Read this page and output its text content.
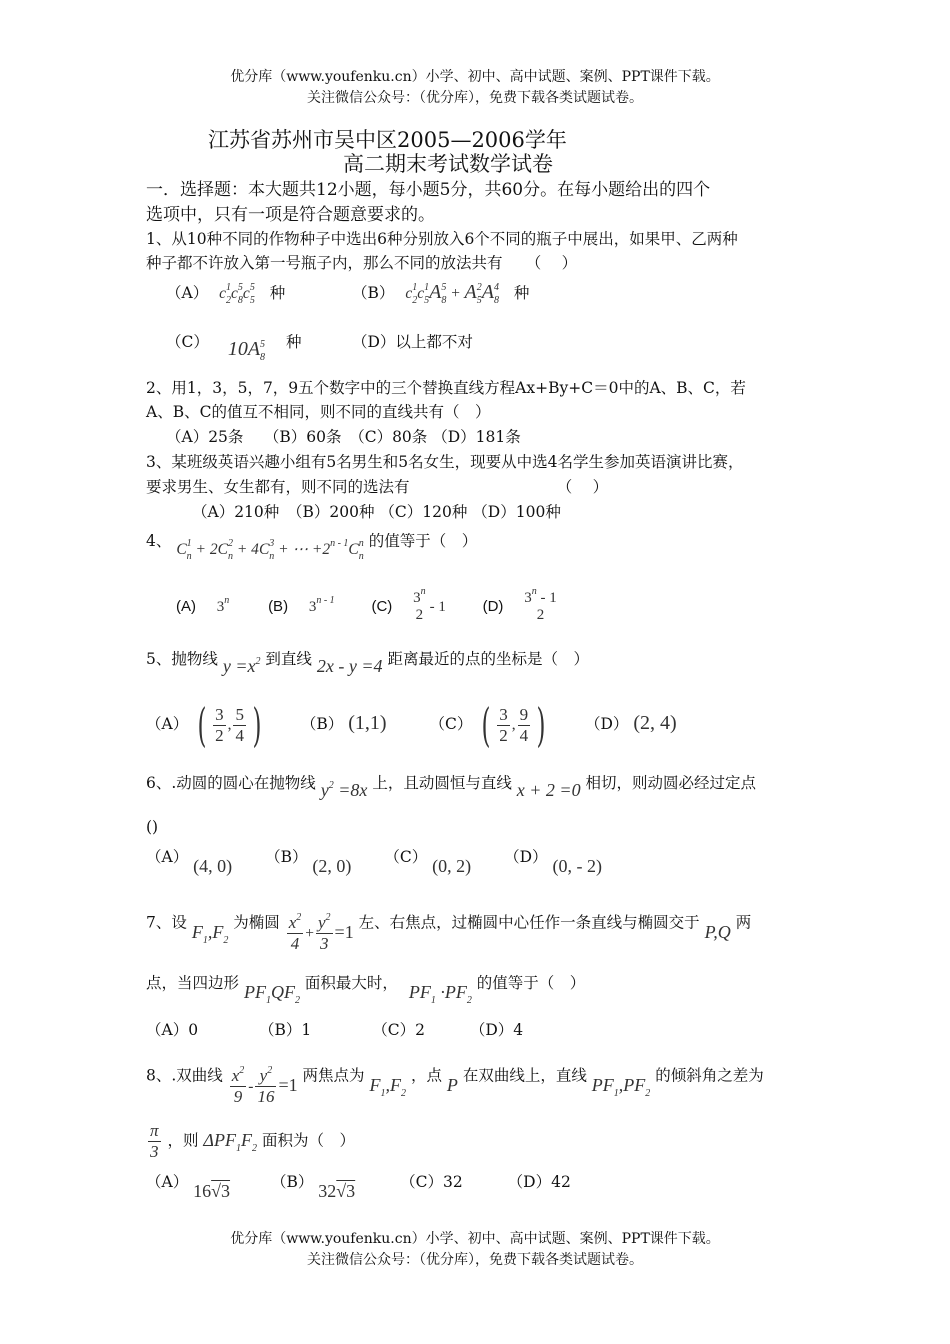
优分库（www.youfenku.cn）小学、初中、高中试题、案例、PPT课件下载。
关注微信公众号：（优分库），免费下载各类试题试卷。
江苏省苏州市吴中区2005—2006学年
高二期末考试数学试卷
一．选择题：本大题共12小题，每小题5分，共60分。在每小题给出的四个
选项中，只有一项是符合题意要求的。
1、从10种不同的作物种子中选出6种分别放入6个不同的瓶子中展出，如果甲、乙两种
种子都不许放入第一号瓶子内，那么不同的放法共有　　（　 ）
（A） $c_2^1c_8^5c_5^5$ 种	（B） $c_2^1c_5^1A_8^5 + A_5^2A_8^4$ 种
（C） $10A_8^5$ 种	（D）以上都不对
2、用1，3，5，7，9五个数字中的三个替换直线方程Ax+By+C＝0中的A、B、C，若
A、B、C的值互不相同，则不同的直线共有（　）
（A）25条　 （B）60条　（C）80条 （D）181条
3、某班级英语兴趣小组有5名男生和5名女生，现要从中选4名学生参加英语演讲比赛，
要求男生、女生都有，则不同的选法有　　　　　　　　　　（　 ）
（A）210种　（B）200种 （C）120种 （D）100种
4、 $C_n^1 + 2C_n^2 + 4C_n^3$ + ⋯ $+2^{n - 1}C_n^n$ 的值等于（　）
(A) 3$^n$	(B) 3$^{n - 1}$ (C) 3$^n$
2 - 1 (D) 3$^n$ - 1
2
5、抛物线 $y =x^2$ 到直线 2x - y =4 距离最近的点的坐标是（　）
（A） ( $\frac{3}{2}$ , $\frac{5}{4}$ )	（B） (1,1)	（C） ( $\frac{3}{2}$ , $\frac{9}{4}$ )	（D） (2, 4)
6、.动圆的圆心在抛物线 $y^2 =8x$ 上，且动圆恒与直线 x + 2 =0 相切，则动圆必经过定点
()
（A） (4, 0) （B） (2, 0) （C） (0, 2) （D） (0, - 2)
7、设 $F_1,F_2$ 为椭圆 $\frac{x^2}{4} + \frac{y^2}{3} =1$ 左、右焦点，过椭圆中心任作一条直线与椭圆交于 P,Q 两
点，当四边形 $PF_1QF_2$ 面积最大时， $PF_1 \cdot PF_2$ 的值等于（　）
（A）0	（B）1	（C）2	（D）4
8、.双曲线 $\frac{x^2}{9} - \frac{y^2}{16} =1$ 两焦点为 $F_1,F_2$ ，点 P 在双曲线上，直线 $PF_1,PF_2$ 的倾斜角之差为
$\frac{\pi}{3}$ ，则 $\Delta PF_1F_2$ 面积为（　）
（A） 16√3	（B） 32√3	（C）32	（D）42
优分库（www.youfenku.cn）小学、初中、高中试题、案例、PPT课件下载。
关注微信公众号：（优分库），免费下载各类试题试卷。
